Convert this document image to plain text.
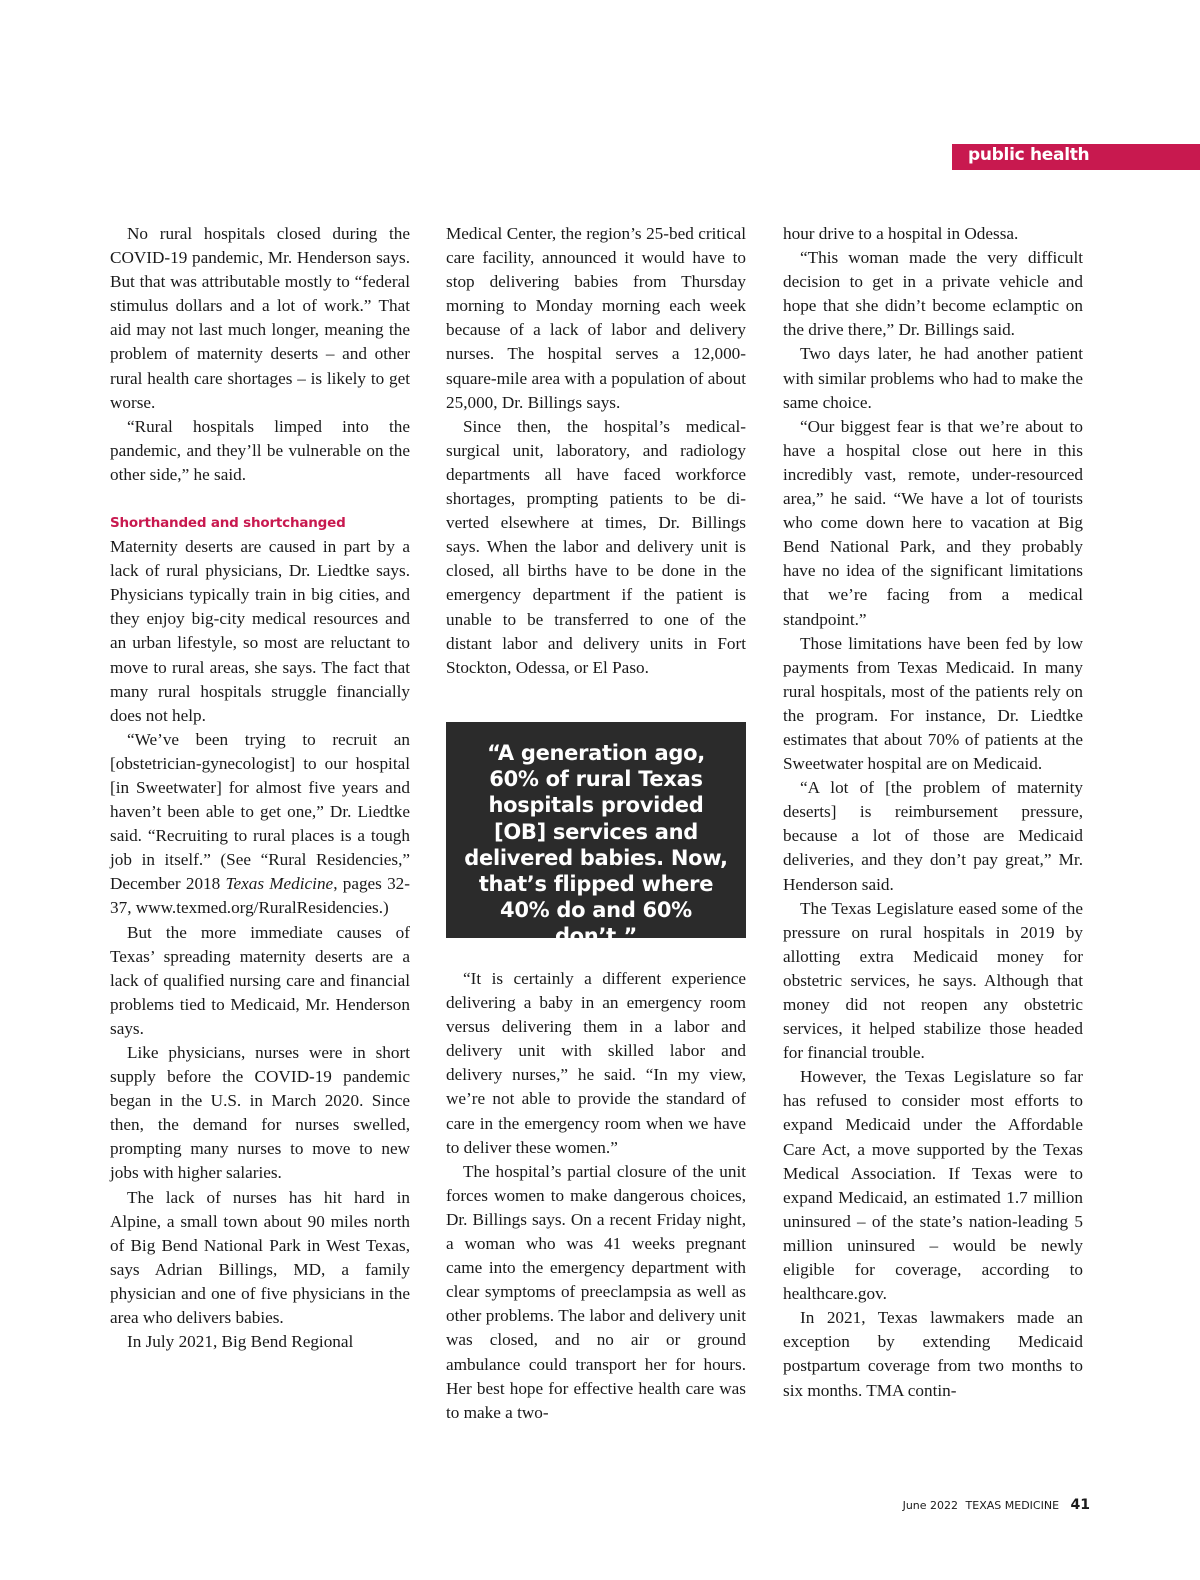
public health

No rural hospitals closed during the COVID-19 pandemic, Mr. Henderson says. But that was attributable mostly to “federal stimulus dollars and a lot of work.” That aid may not last much longer, meaning the problem of maternity deserts – and other rural health care shortages – is likely to get worse.

“Rural hospitals limped into the pandemic, and they’ll be vulnerable on the other side,” he said.

Shorthanded and shortchanged

Maternity deserts are caused in part by a lack of rural physicians, Dr. Liedtke says. Physicians typically train in big cities, and they enjoy big-city medical resources and an urban lifestyle, so most are reluctant to move to rural areas, she says. The fact that many rural hospitals struggle financially does not help.

“We’ve been trying to recruit an [obstetrician-gynecologist] to our hospital [in Sweetwater] for almost five years and haven’t been able to get one,” Dr. Liedtke said. “Recruiting to rural places is a tough job in itself.” (See “Rural Residencies,” December 2018 Texas Medicine, pages 32-37, www.texmed.org/RuralResidencies.)

But the more immediate causes of Texas’ spreading maternity deserts are a lack of qualified nursing care and financial problems tied to Medicaid, Mr. Henderson says.

Like physicians, nurses were in short supply before the COVID-19 pandemic began in the U.S. in March 2020. Since then, the demand for nurses swelled, prompting many nurses to move to new jobs with higher salaries.

The lack of nurses has hit hard in Alpine, a small town about 90 miles north of Big Bend National Park in West Texas, says Adrian Billings, MD, a family physician and one of five physicians in the area who delivers babies.

In July 2021, Big Bend Regional

Medical Center, the region’s 25-bed critical care facility, announced it would have to stop delivering babies from Thursday morning to Monday morning each week because of a lack of labor and delivery nurses. The hospital serves a 12,000-square-mile area with a population of about 25,000, Dr. Billings says.

Since then, the hospital’s medical-surgical unit, laboratory, and radiology departments all have faced workforce shortages, prompting patients to be diverted elsewhere at times, Dr. Billings says. When the labor and delivery unit is closed, all births have to be done in the emergency department if the patient is unable to be transferred to one of the distant labor and delivery units in Fort Stockton, Odessa, or El Paso.

“A generation ago, 60% of rural Texas hospitals provided [OB] services and delivered babies. Now, that’s flipped where 40% do and 60% don’t.”

“It is certainly a different experience delivering a baby in an emergency room versus delivering them in a labor and delivery unit with skilled labor and delivery nurses,” he said. “In my view, we’re not able to provide the standard of care in the emergency room when we have to deliver these women.”

The hospital’s partial closure of the unit forces women to make dangerous choices, Dr. Billings says. On a recent Friday night, a woman who was 41 weeks pregnant came into the emergency department with clear symptoms of preeclampsia as well as other problems. The labor and delivery unit was closed, and no air or ground ambulance could transport her for hours. Her best hope for effective health care was to make a two-

hour drive to a hospital in Odessa.

“This woman made the very difficult decision to get in a private vehicle and hope that she didn’t become eclamptic on the drive there,” Dr. Billings said.

Two days later, he had another patient with similar problems who had to make the same choice.

“Our biggest fear is that we’re about to have a hospital close out here in this incredibly vast, remote, under-resourced area,” he said. “We have a lot of tourists who come down here to vacation at Big Bend National Park, and they probably have no idea of the significant limitations that we’re facing from a medical standpoint.”

Those limitations have been fed by low payments from Texas Medicaid. In many rural hospitals, most of the patients rely on the program. For instance, Dr. Liedtke estimates that about 70% of patients at the Sweetwater hospital are on Medicaid.

“A lot of [the problem of maternity deserts] is reimbursement pressure, because a lot of those are Medicaid deliveries, and they don’t pay great,” Mr. Henderson said.

The Texas Legislature eased some of the pressure on rural hospitals in 2019 by allotting extra Medicaid money for obstetric services, he says. Although that money did not reopen any obstetric services, it helped stabilize those headed for financial trouble.

However, the Texas Legislature so far has refused to consider most efforts to expand Medicaid under the Affordable Care Act, a move supported by the Texas Medical Association. If Texas were to expand Medicaid, an estimated 1.7 million uninsured – of the state’s nation-leading 5 million uninsured – would be newly eligible for coverage, according to healthcare.gov.

In 2021, Texas lawmakers made an exception by extending Medicaid postpartum coverage from two months to six months. TMA contin-

June 2022 TEXAS MEDICINE 41
